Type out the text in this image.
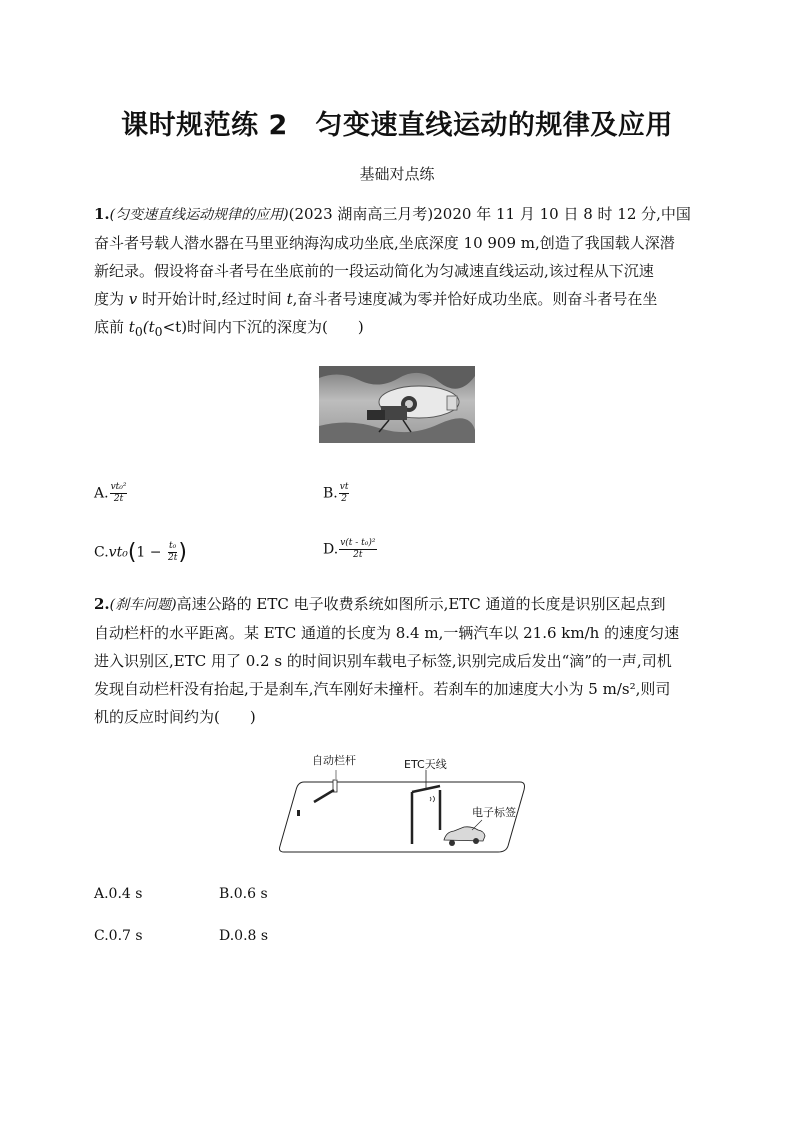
课时规范练 2　匀变速直线运动的规律及应用
基础对点练

1.(匀变速直线运动规律的应用)(2023 湖南高三月考)2020 年 11 月 10 日 8 时 12 分,中国

奋斗者号载人潜水器在马里亚纳海沟成功坐底,坐底深度 10 909 m,创造了我国载人深潜

新纪录。假设将奋斗者号在坐底前的一段运动简化为匀减速直线运动,该过程从下沉速

度为 v 时开始计时,经过时间 t,奋斗者号速度减为零并恰好成功坐底。则奋斗者号在坐

底前 $t_0(t_0<t)$时间内下沉的深度为(　　)

A. $\frac{\text{vt₀²}}{2t}$	B. $\frac{vt}{2}$
$C.vt_0(1 - \frac{\text{t₀}}{2t}$ )	D. $\frac{\text{v(t - t₀)²}}{2t}$

2.(刹车问题)高速公路的 ETC 电子收费系统如图所示,ETC 通道的长度是识别区起点到

自动栏杆的水平距离。某 ETC 通道的长度为 8.4 m,一辆汽车以 21.6 km/h 的速度匀速

进入识别区,ETC 用了 0.2 s 的时间识别车载电子标签,识别完成后发出“滴”的一声,司机

发现自动栏杆没有抬起,于是刹车,汽车刚好未撞杆。若刹车的加速度大小为 5 m/s²,则司

机的反应时间约为(　　)

自动栏杆	ETC天线
电子标签
A.0.4 s	B.0.6 s
C.0.7 s	D.0.8 s
